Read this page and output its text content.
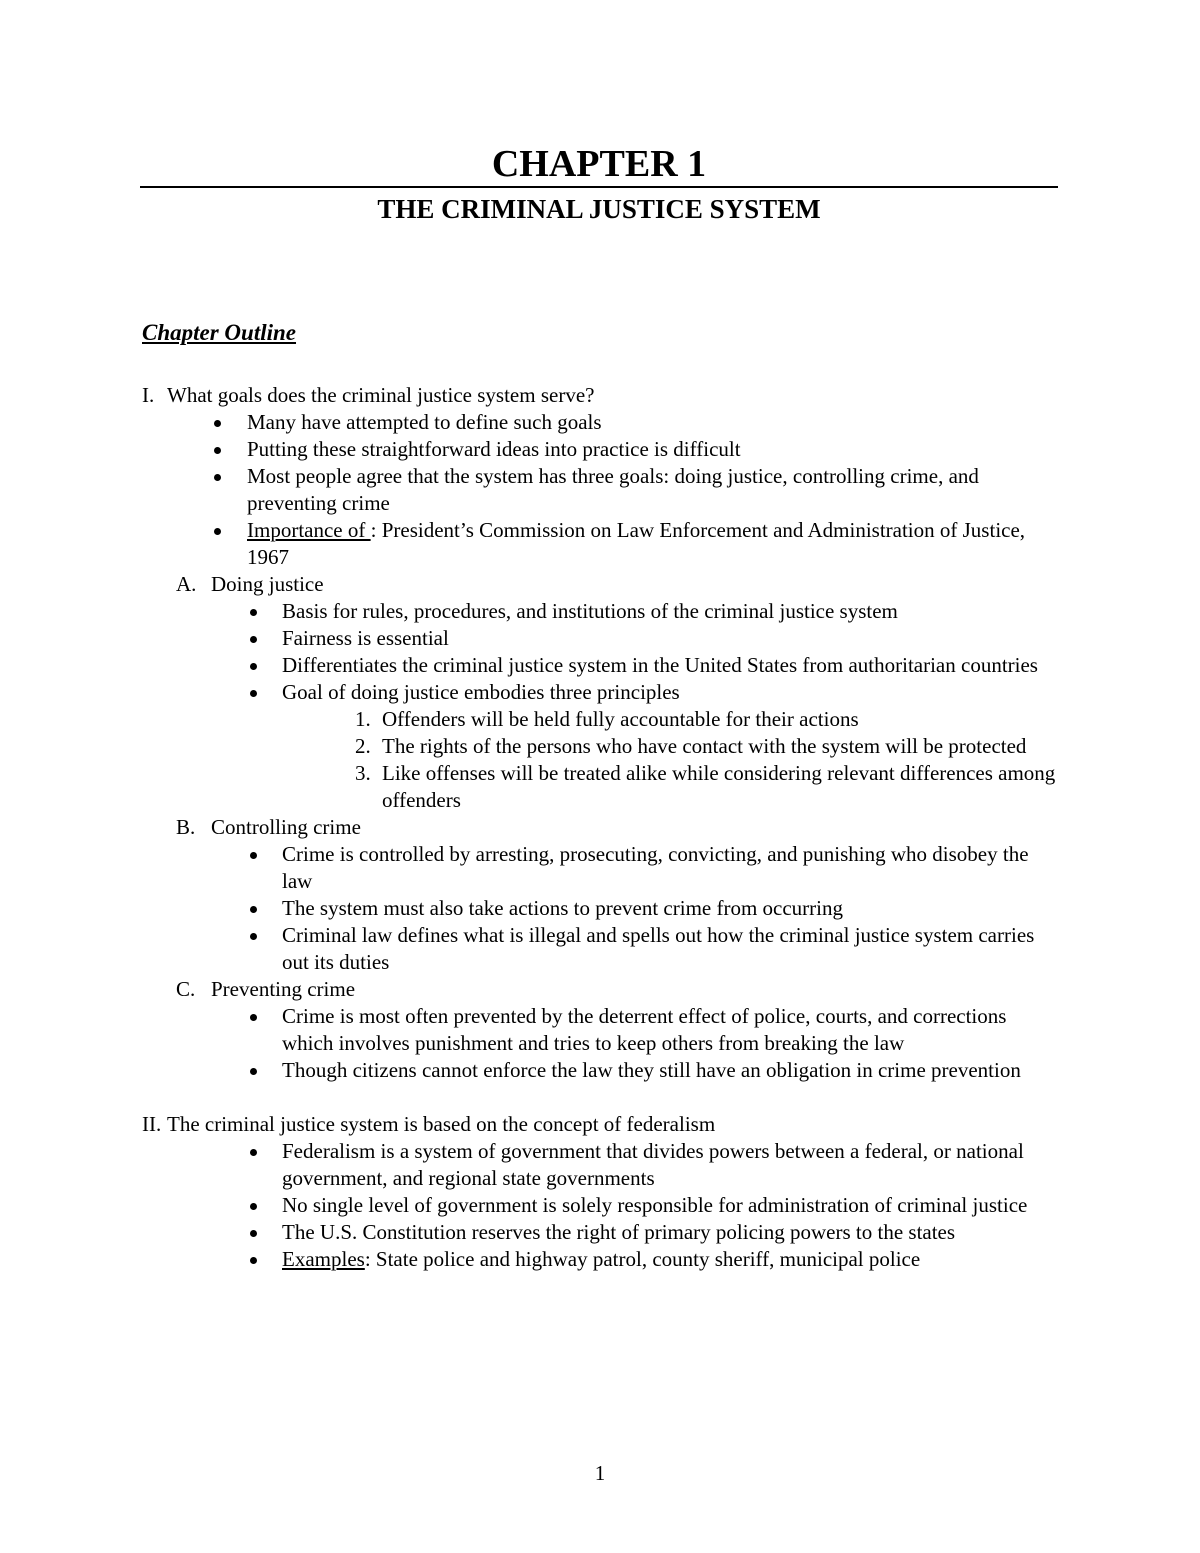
CHAPTER 1
THE CRIMINAL JUSTICE SYSTEM
Chapter Outline
I. What goals does the criminal justice system serve?
Many have attempted to define such goals
Putting these straightforward ideas into practice is difficult
Most people agree that the system has three goals: doing justice, controlling crime, and preventing crime
Importance of : President’s Commission on Law Enforcement and Administration of Justice, 1967
A. Doing justice
Basis for rules, procedures, and institutions of the criminal justice system
Fairness is essential
Differentiates the criminal justice system in the United States from authoritarian countries
Goal of doing justice embodies three principles
1. Offenders will be held fully accountable for their actions
2. The rights of the persons who have contact with the system will be protected
3. Like offenses will be treated alike while considering relevant differences among offenders
B. Controlling crime
Crime is controlled by arresting, prosecuting, convicting, and punishing who disobey the law
The system must also take actions to prevent crime from occurring
Criminal law defines what is illegal and spells out how the criminal justice system carries out its duties
C. Preventing crime
Crime is most often prevented by the deterrent effect of police, courts, and corrections which involves punishment and tries to keep others from breaking the law
Though citizens cannot enforce the law they still have an obligation in crime prevention
II. The criminal justice system is based on the concept of federalism
Federalism is a system of government that divides powers between a federal, or national government, and regional state governments
No single level of government is solely responsible for administration of criminal justice
The U.S. Constitution reserves the right of primary policing powers to the states
Examples: State police and highway patrol, county sheriff, municipal police
1
